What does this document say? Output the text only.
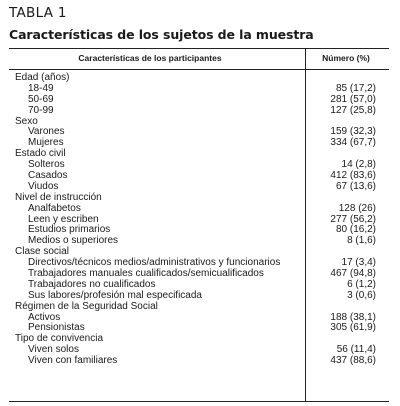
TABLA 1
Características de los sujetos de la muestra
Características de los participantes	Número (%)
Edad (años)
18-49	85 (17,2)
50-69	281 (57,0)
70-99	127 (25,8)
Sexo
Varones	159 (32,3)
Mujeres	334 (67,7)
Estado civil
Solteros	14 (2,8)
Casados	412 (83,6)
Viudos	67 (13,6)
Nivel de instrucción
Analfabetos	128 (26)
Leen y escriben	277 (56,2)
Estudios primarios	80 (16,2)
Medios o superiores	8 (1,6)
Clase social
Directivos/técnicos medios/administrativos y funcionarios	17 (3,4)
Trabajadores manuales cualificados/semicualificados	467 (94,8)
Trabajadores no cualificados	6 (1,2)
Sus labores/profesión mal especificada	3 (0,6)
Régimen de la Seguridad Social
Activos	188 (38,1)
Pensionistas	305 (61,9)
Tipo de convivencia
Viven solos	56 (11,4)
Viven con familiares	437 (88,6)
